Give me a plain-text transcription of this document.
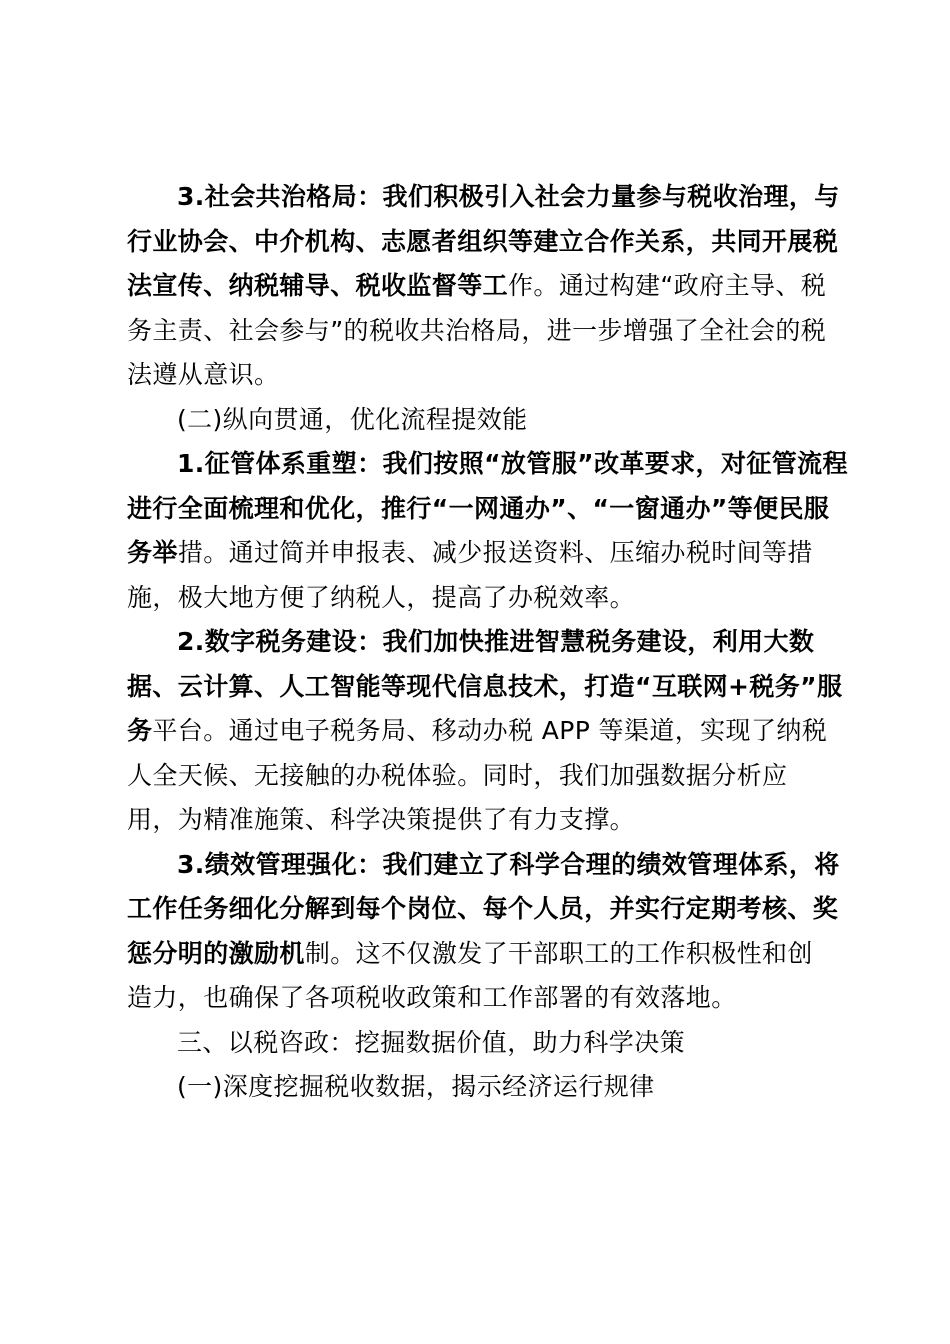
3.社会共治格局：我们积极引入社会力量参与税收治理，与
行业协会、中介机构、志愿者组织等建立合作关系，共同开展税
法宣传、纳税辅导、税收监督等工作。通过构建“政府主导、税
务主责、社会参与”的税收共治格局，进一步增强了全社会的税
法遵从意识。
(二)纵向贯通，优化流程提效能
1.征管体系重塑：我们按照“放管服”改革要求，对征管流程
进行全面梳理和优化，推行“一网通办”、“一窗通办”等便民服
务举措。通过简并申报表、减少报送资料、压缩办税时间等措
施，极大地方便了纳税人，提高了办税效率。
2.数字税务建设：我们加快推进智慧税务建设，利用大数
据、云计算、人工智能等现代信息技术，打造“互联网+税务”服
务平台。通过电子税务局、移动办税 APP 等渠道，实现了纳税
人全天候、无接触的办税体验。同时，我们加强数据分析应
用，为精准施策、科学决策提供了有力支撑。
3.绩效管理强化：我们建立了科学合理的绩效管理体系，将
工作任务细化分解到每个岗位、每个人员，并实行定期考核、奖
惩分明的激励机制。这不仅激发了干部职工的工作积极性和创
造力，也确保了各项税收政策和工作部署的有效落地。
三、以税咨政：挖掘数据价值，助力科学决策
(一)深度挖掘税收数据，揭示经济运行规律
